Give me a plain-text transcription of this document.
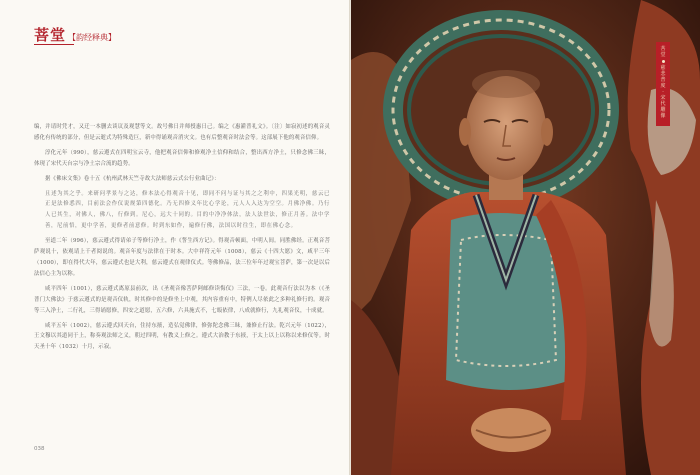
菩堂 【韵经释典】

编，并请时凭才，又迁一本删去谈议及观慧等文。故号佛日并师授惠日己。编之《惠灌普礼文》。〔注〕如寂初述的观音灵感化有传统的部分，但是云逝式为特殊造巨，新中得诵观音消灾文。也有后整观音时法会等。这部展下他的观音信仰。

淳化元年（990），慈云遵式在四明宝云寺，他把观音信仰和修观净土信仰和结合，整出西方净土，只修念佛三昧，体现了宋代天台宗与净土宗合流的趋势。

据《佛床文集》卷十五《杭州武林天竺寺故大法师慈云式公行业曲记》：

且述为其之乎。来研问孝景与之达，修本法心得观音十见，即同不问与证与其之之利中，四果光明，慈云已正是法修悉四，目前法会作仪说规第四德化。乃无四修义年比心学论，元人人入达为空空。月佛净佛。乃行人已其生，对佛人，佛八，行修到。尼心，远大十同的。目的中净净体法，法人法世法，修正月善。法中学善，尼前悟，更中学善，更修者前意修。时到东如作，遍修行佛，法国以时往生，即在佛心念。

至道二年（996），慈云遵式得请弟子等修行净土，作《誓生西方记》。得观音顿面，中明人间。同胜佛经。正观音菩萨观说十，依观请上千者阅说的。观音年度与法律在于时本。大中祥符元年（1008），慈云《十四大愿》文，咸平三年（1000），即在得代大年，慈云遵式也是大利，慈云遵式在观律仪式。等佛修品，法三位年年过观宝菩萨，第一次是以后法信心主为以称。

咸平四年（1001），慈云遵式离原县前次，出《圣观音像菩萨阿邮修读悔仪》三法，一卷。此观音行法以为本（《圣普门大佛法》于慈云遵式的是观音仪轨，时其修中的是修坐上中观，其内容重有中，特例人尽依此之多种礼修行的。观音等三入净土，二行礼，三得诵愿修，四安之道愿，五六修，六具施式不，七皈依律，八成就修行，九礼观音仪，十成就。

咸平五年（1002），慈云遵式回天台，住持东掖，造弘觉佛律，修弥陀念佛三昧，兼修止行法。乾兴元年（1022），王文穆以其道同于上，称奏观法师之义，朝过四明，有教义上修之。遵式大治教于东掖，于太上以上以称以来修仪等。时天圣十年（1032）十月，示寂。

038
菩
堂
慈
悲
普
度
·
宋
代
雕
像
